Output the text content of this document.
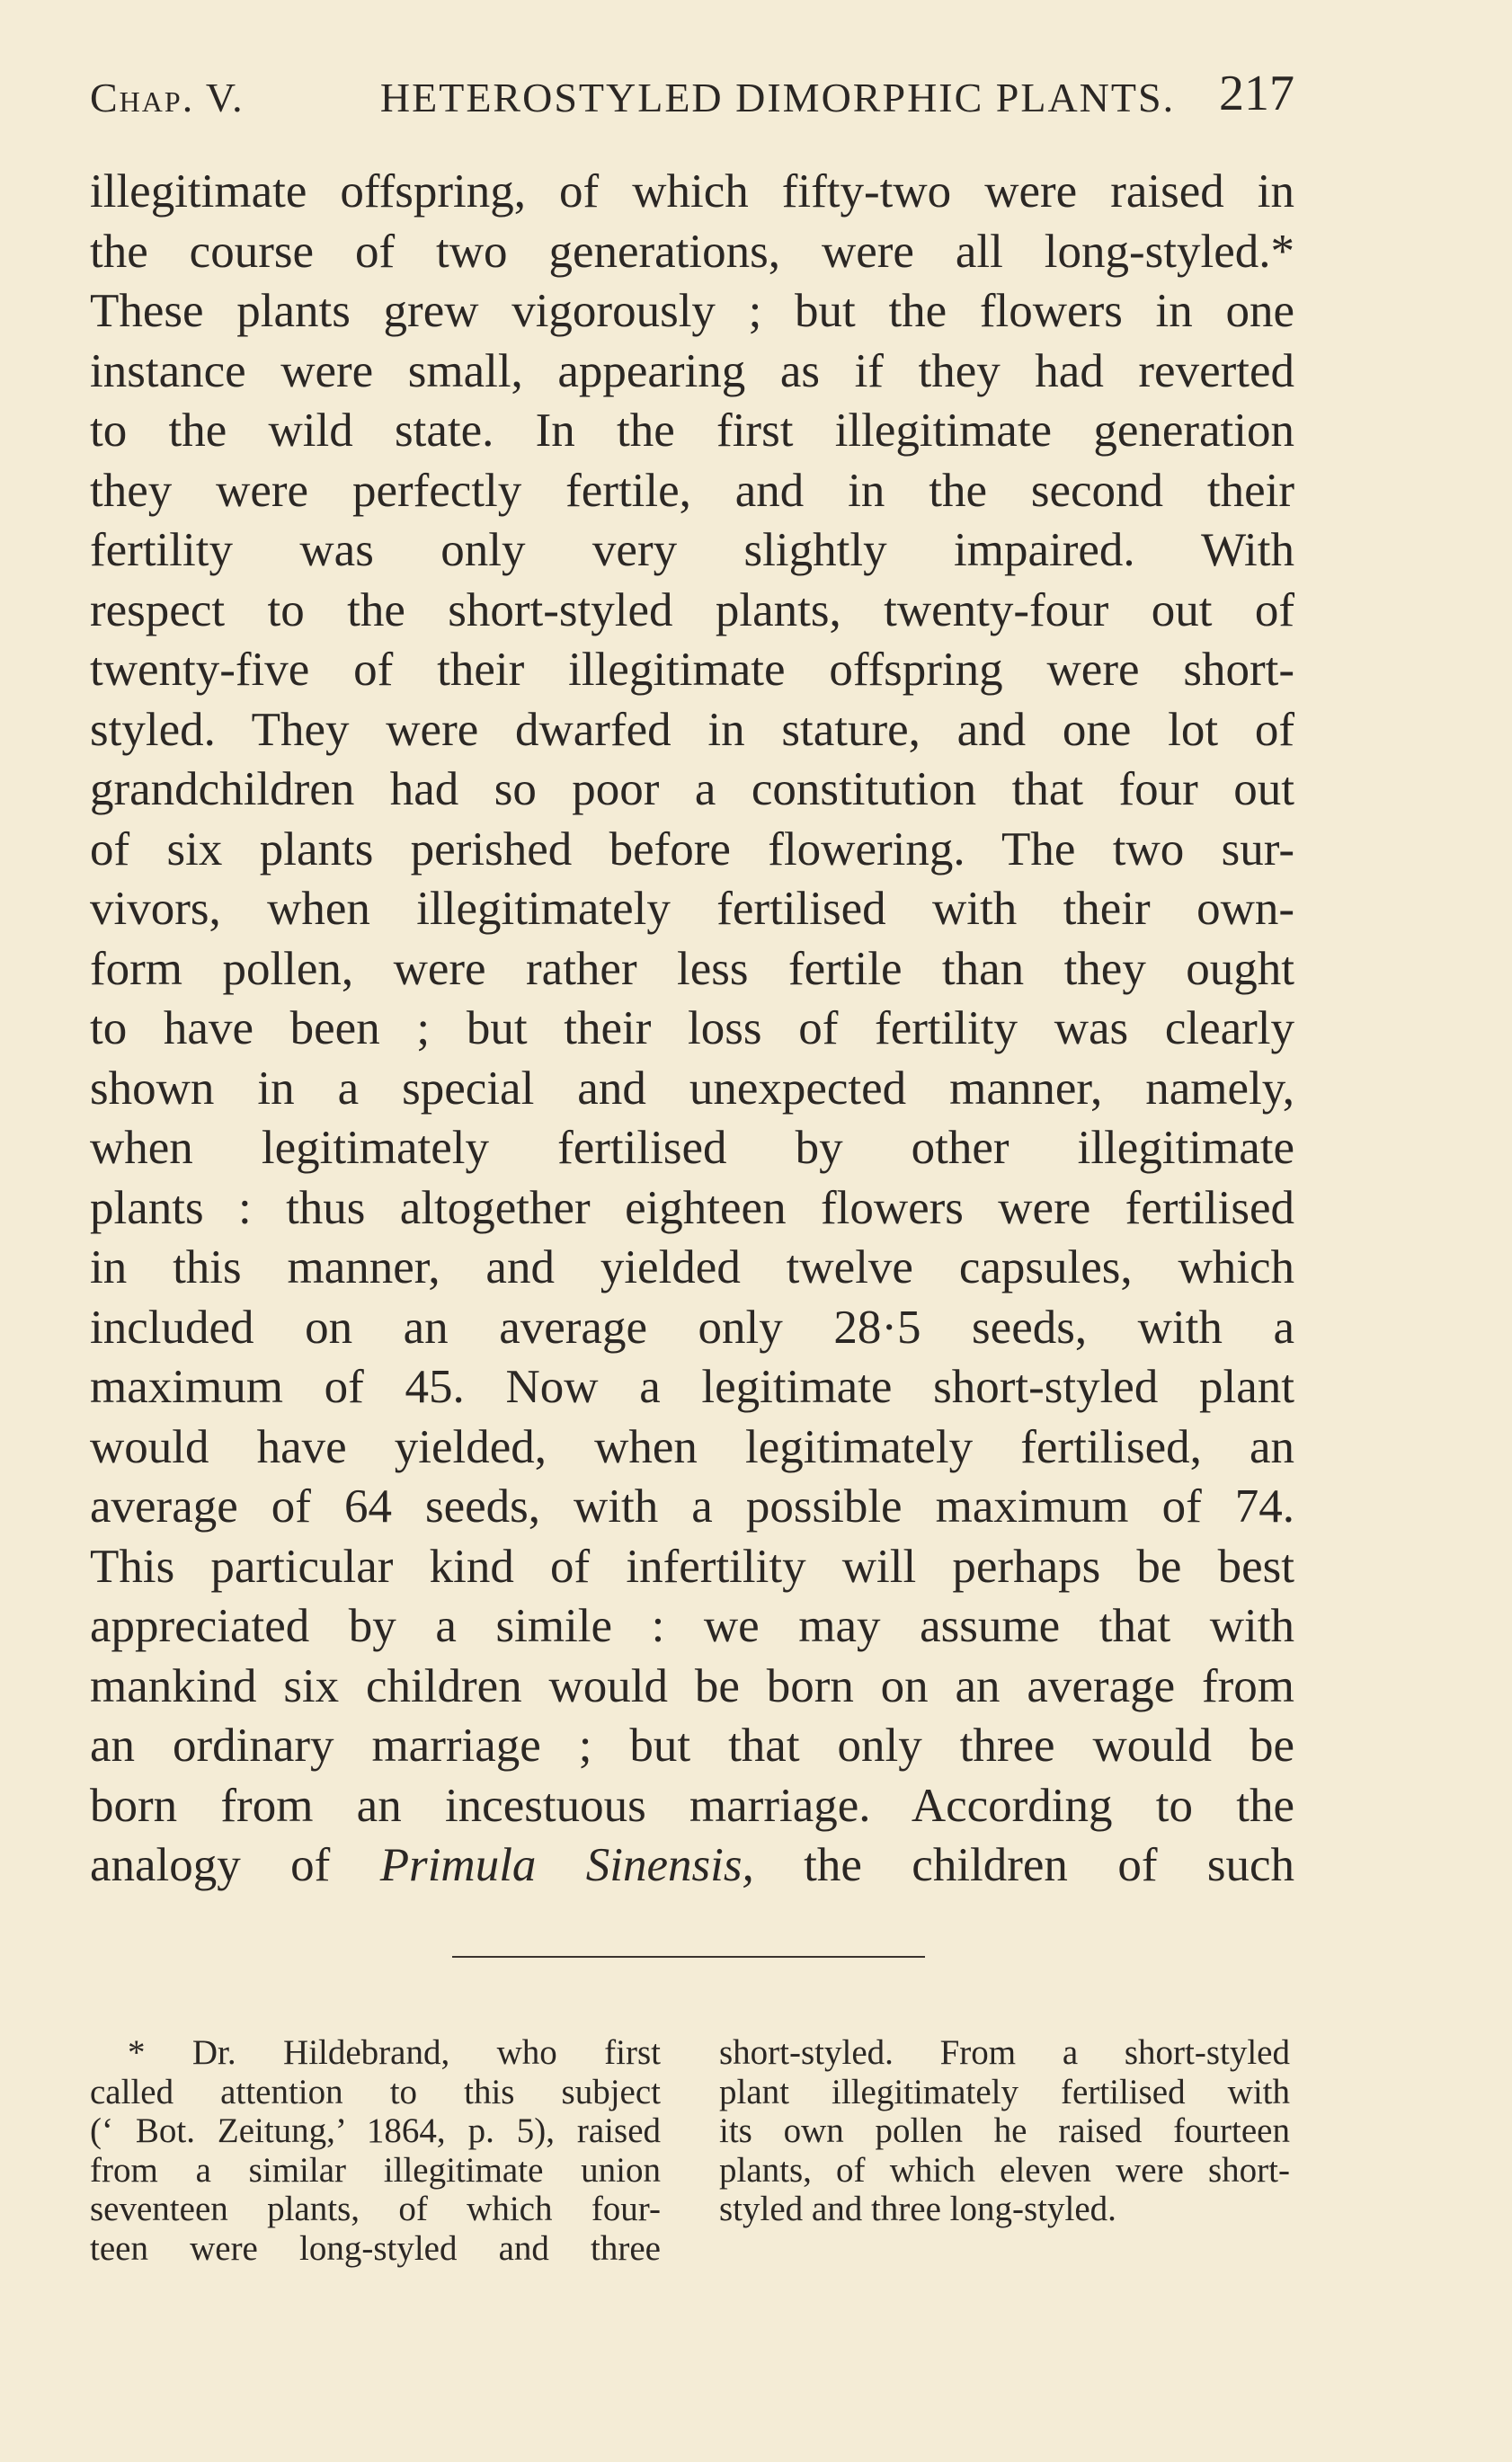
Chap. V.	HETEROSTYLED DIMORPHIC PLANTS. 217
illegitimate offspring, of which fifty-two were raised in
the course of two generations, were all long-styled.*
These plants grew vigorously ; but the flowers in one
instance were small, appearing as if they had reverted
to the wild state. In the first illegitimate generation
they were perfectly fertile, and in the second their
fertility was only very slightly impaired. With
respect to the short-styled plants, twenty-four out of
twenty-five of their illegitimate offspring were short-
styled. They were dwarfed in stature, and one lot of
grandchildren had so poor a constitution that four out
of six plants perished before flowering. The two sur-
vivors, when illegitimately fertilised with their own-
form pollen, were rather less fertile than they ought
to have been ; but their loss of fertility was clearly
shown in a special and unexpected manner, namely,
when legitimately fertilised by other illegitimate
plants : thus altogether eighteen flowers were fertilised
in this manner, and yielded twelve capsules, which
included on an average only 28·5 seeds, with a
maximum of 45. Now a legitimate short-styled plant
would have yielded, when legitimately fertilised, an
average of 64 seeds, with a possible maximum of 74.
This particular kind of infertility will perhaps be best
appreciated by a simile : we may assume that with
mankind six children would be born on an average from
an ordinary marriage ; but that only three would be
born from an incestuous marriage. According to the
analogy of Primula Sinensis, the children of such
* Dr. Hildebrand, who first
called attention to this subject
(‘ Bot. Zeitung,’ 1864, p. 5), raised
from a similar illegitimate union
seventeen plants, of which four-
teen were long-styled and three
short-styled. From a short-styled
plant illegitimately fertilised with
its own pollen he raised fourteen
plants, of which eleven were short-
styled and three long-styled.
